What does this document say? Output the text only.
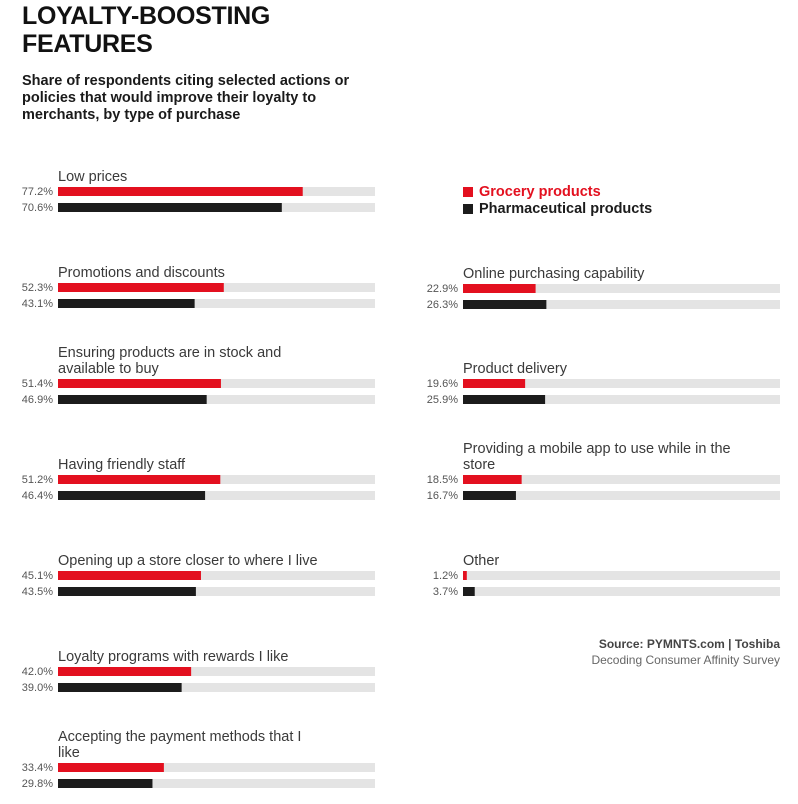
LOYALTY-BOOSTING FEATURES
Share of respondents citing selected actions or policies that would improve their loyalty to merchants, by type of purchase
Grocery products
Pharmaceutical products
Low prices
77.2%
70.6%
Promotions and discounts
52.3%
43.1%
Ensuring products are in stock and
available to buy
51.4%
46.9%
Having friendly staff
51.2%
46.4%
Opening up a store closer to where I live
45.1%
43.5%
Loyalty programs with rewards I like
42.0%
39.0%
Accepting the payment methods that I
like
33.4%
29.8%
Online purchasing capability
22.9%
26.3%
Product delivery
19.6%
25.9%
Providing a mobile app to use while in the
store
18.5%
16.7%
Other
1.2%
3.7%
Source: PYMNTS.com | Toshiba
Decoding Consumer Affinity Survey
